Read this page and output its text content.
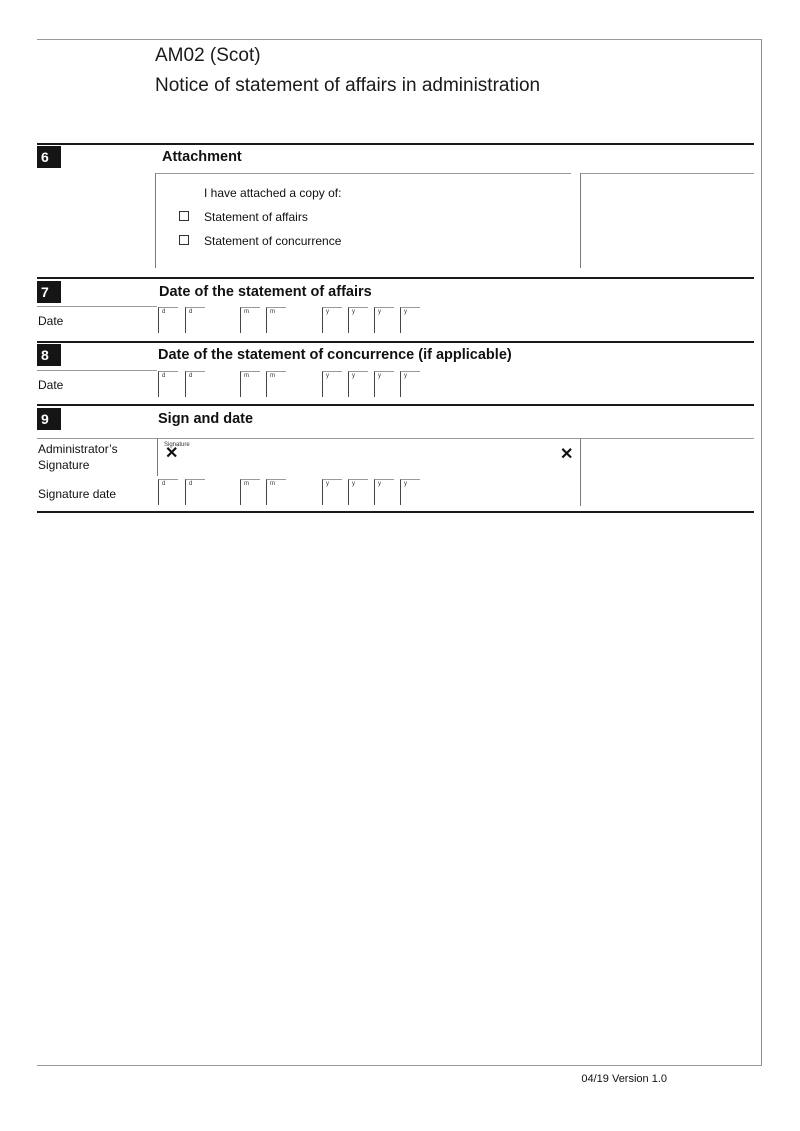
AM02 (Scot)
Notice of statement of affairs in administration
6	Attachment
I have attached a copy of:
Statement of affairs
Statement of concurrence
7	Date of the statement of affairs
Date
d	d	m	m	y	y	y	y
8	Date of the statement of concurrence (if applicable)
Date
d	d	m	m	y	y	y	y
9	Sign and date
Administrator’s Signature
Signature
✕	✕
Signature date
d	d	m	m	y	y	y	y
04/19 Version 1.0
